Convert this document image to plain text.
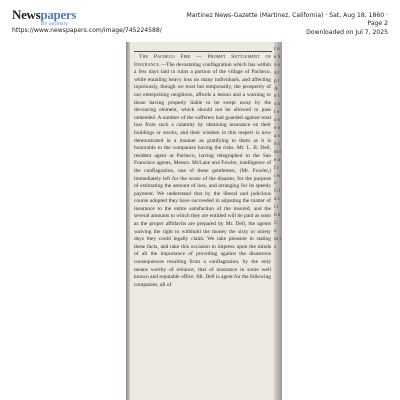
Newspapers
BY ancestry
https://www.newspapers.com/image/745224588/
Martinez News-Gazette (Martinez, California) · Sat, Aug 18, 1860 · Page 2
Downloaded on Jul 7, 2025

The Pacheco Fire — Prompt Settlement of Insurance.—The devastating conflagration which has within a few days laid in ruins a portion of the village of Pacheco, while entailing heavy loss on many individuals, and affecting injuriously, though we trust but temporarily, the prosperity of our enterprising neighbors, affords a lesson and a warning to those having property liable to be swept away by the devouring element, which should not be allowed to pass unheeded. A number of the sufferers had guarded against total loss from such a calamity by obtaining insurance on their buildings or stocks, and their wisdom in this respect is now demonstrated in a manner as gratifying to them as it is honorable to the companies having the risks. Mr. L. B. Dell, resident agent at Pacheco, having telegraphed to the San Francisco agents, Messrs. McLane and Fowler, intelligence of the conflagration, one of these gentlemen, (Mr. Fowler,) immediately left for the scene of the disaster, for the purpose of estimating the amount of loss, and arranging for its speedy payment. We understand that by the liberal and judicious course adopted they have succeeded in adjusting the matter of insurance to the entire satisfaction of the insured, and the several amounts to which they are entitled will be paid as soon as the proper affidavits are prepared by Mr. Dell, the agents waiving the right to withhold the money the sixty or ninety days they could legally claim. We take pleasure in stating these facts, and take this occasion to impress upon the minds of all the importance of providing against the disastrous consequences resulting from a conflagration, by the only means worthy of reliance, that of insurance in some well known and reputable office. Mr. Dell is agent for the following companies, all of

r n e S o s d r p t A e i s n l o n s e o a s h c m t e a f r i w o G l a c t i h e C o m i s
